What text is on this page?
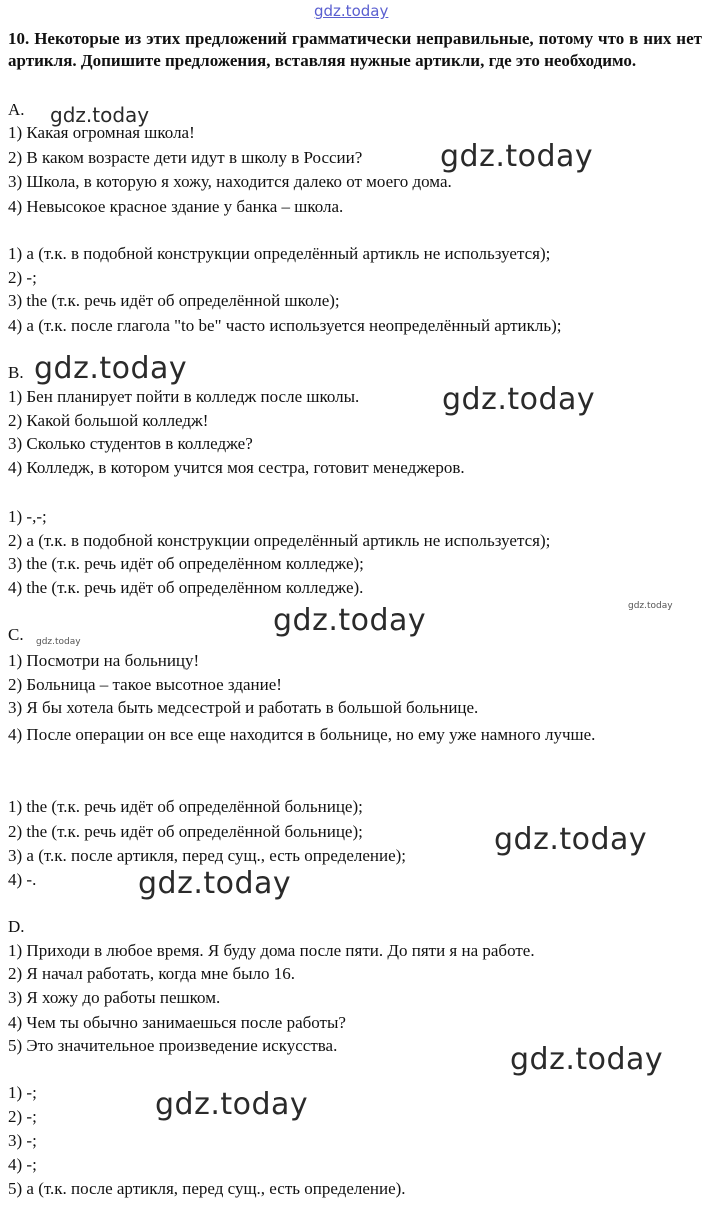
gdz.today
10. Некоторые из этих предложений грамматически неправильные, потому что в них нет артикля. Допишите предложения, вставляя нужные артикли, где это необходимо.
A.
1) Какая огромная школа!
2) В каком возрасте дети идут в школу в России?
3) Школа, в которую я хожу, находится далеко от моего дома.
4) Невысокое красное здание у банка – школа.
1) a (т.к. в подобной конструкции определённый артикль не используется);
2) -;
3) the (т.к. речь идёт об определённой школе);
4) a (т.к. после глагола "to be" часто используется неопределённый артикль);
B.
1) Бен планирует пойти в колледж после школы.
2) Какой большой колледж!
3) Сколько студентов в колледже?
4) Колледж, в котором учится моя сестра, готовит менеджеров.
1) -,-;
2) a (т.к. в подобной конструкции определённый артикль не используется);
3) the (т.к. речь идёт об определённом колледже);
4) the (т.к. речь идёт об определённом колледже).
C.
1) Посмотри на больницу!
2) Больница – такое высотное здание!
3) Я бы хотела быть медсестрой и работать в большой больнице.
4) После операции он все еще находится в больнице, но ему уже намного лучше.
1) the (т.к. речь идёт об определённой больнице);
2) the (т.к. речь идёт об определённой больнице);
3) a (т.к. после артикля, перед сущ., есть определение);
4) -.
D.
1) Приходи в любое время. Я буду дома после пяти. До пяти я на работе.
2) Я начал работать, когда мне было 16.
3) Я хожу до работы пешком.
4) Чем ты обычно занимаешься после работы?
5) Это значительное произведение искусства.
1) -;
2) -;
3) -;
4) -;
5) a (т.к. после артикля, перед сущ., есть определение).
gdz.today
gdz.today
gdz.today
gdz.today
gdz.today
gdz.today
gdz.today
gdz.today
gdz.today
gdz.today
gdz.today
